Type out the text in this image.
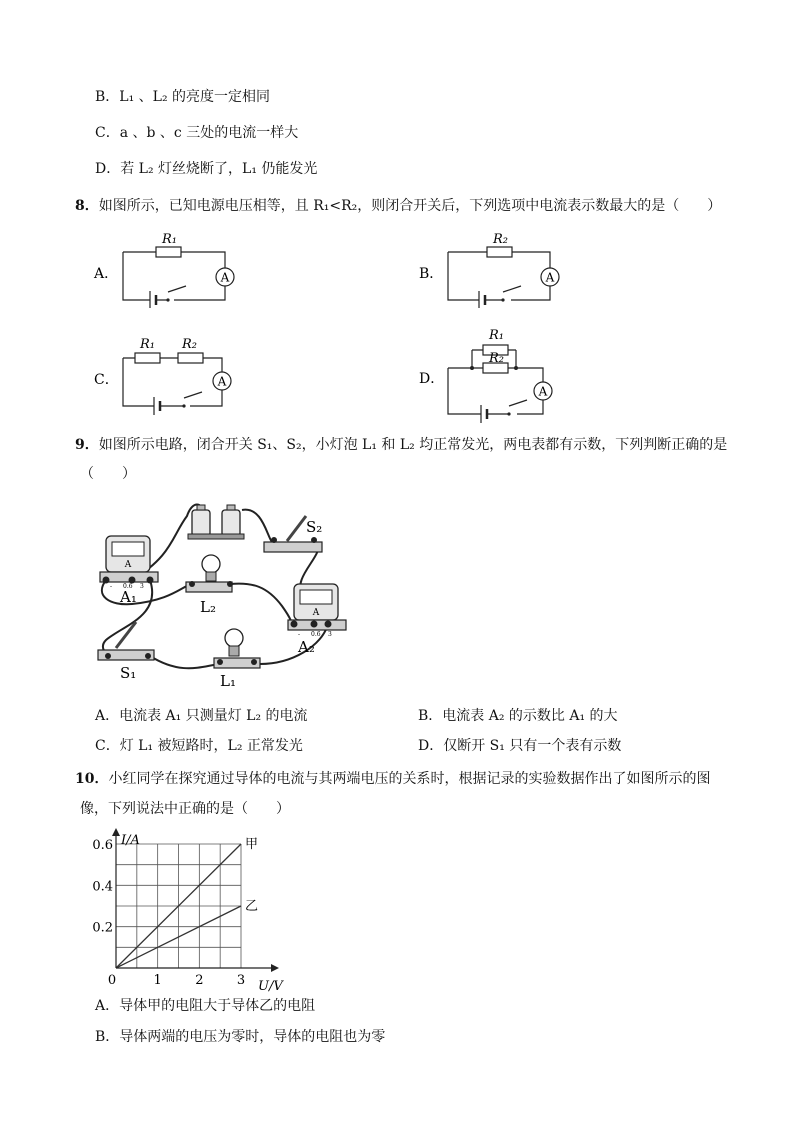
B．L₁ 、L₂ 的亮度一定相同
C．a 、b 、c 三处的电流一样大
D．若 L₂ 灯丝烧断了，L₁ 仍能发光
8．如图所示，已知电源电压相等，且 R₁<R₂，则闭合开关后，下列选项中电流表示数最大的是（　　）
A．	A
R₁
B．	A
R₂
C．	A
R₁ R₂
D．
A
R₁
R₂
9．如图所示电路，闭合开关 S₁、S₂，小灯泡 L₁ 和 L₂ 均正常发光，两电表都有示数，下列判断正确的是
（　　）
S₂
A
- 0.6 3
A₁
L₂	A
- 0.6 3
A₂
S₁	L₁
A．电流表 A₁ 只测量灯 L₂ 的电流	B．电流表 A₂ 的示数比 A₁ 的大
C．灯 L₁ 被短路时，L₂ 正常发光	D．仅断开 S₁ 只有一个表有示数
10．小红同学在探究通过导体的电流与其两端电压的关系时，根据记录的实验数据作出了如图所示的图
像，下列说法中正确的是（　　）
甲
乙
0	1	2	3
0.2
0.4
0.6 I/A
U/V
A．导体甲的电阻大于导体乙的电阻
B．导体两端的电压为零时，导体的电阻也为零
